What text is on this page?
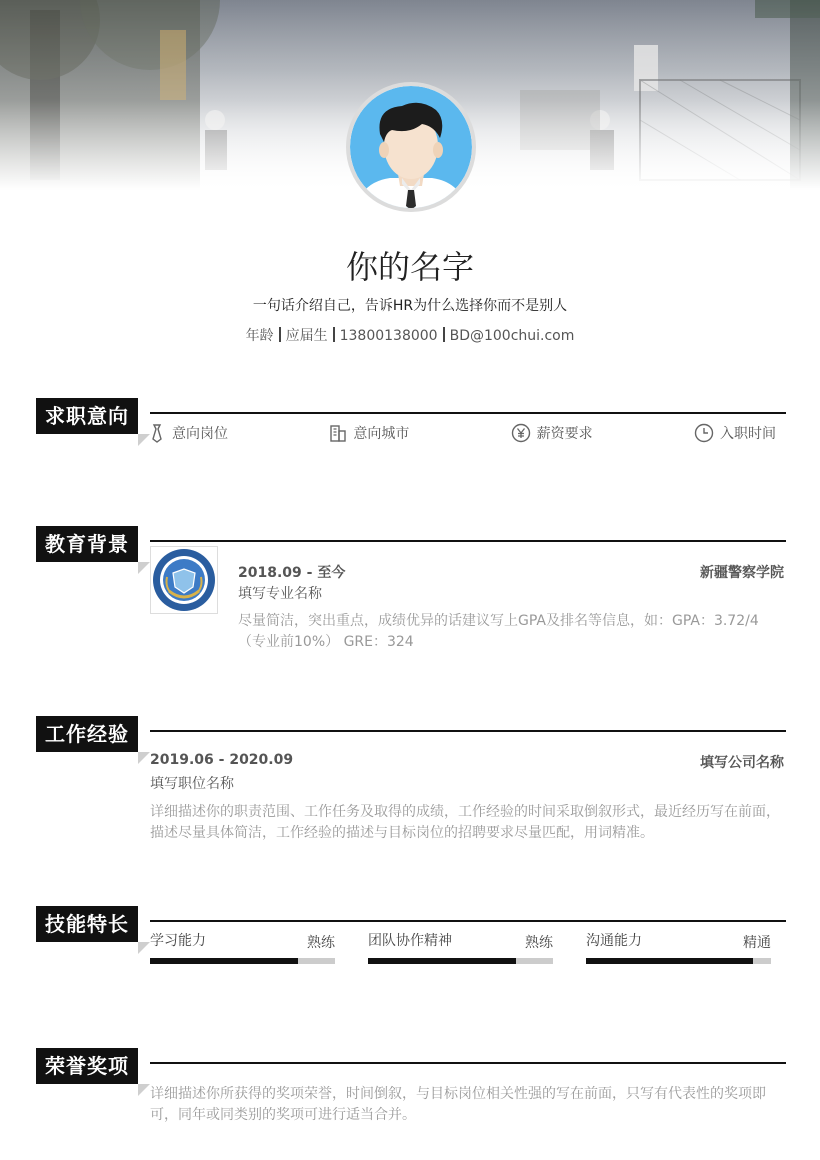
你的名字
一句话介绍自己，告诉HR为什么选择你而不是别人
年龄 应届生 13800138000 BD@100chui.com
求职意向
意向岗位	意向城市	薪资要求	入职时间
教育背景
2018.09 - 至今	新疆警察学院
填写专业名称
尽量简洁，突出重点，成绩优异的话建议写上GPA及排名等信息，如：GPA：3.72/4（专业前10%） GRE：324
工作经验
2019.06 - 2020.09	填写公司名称
填写职位名称
详细描述你的职责范围、工作任务及取得的成绩，工作经验的时间采取倒叙形式，最近经历写在前面，描述尽量具体简洁，工作经验的描述与目标岗位的招聘要求尽量匹配，用词精准。
技能特长
学习能力	熟练 团队协作精神	熟练 沟通能力	精通
荣誉奖项
详细描述你所获得的奖项荣誉，时间倒叙，与目标岗位相关性强的写在前面，只写有代表性的奖项即可，同年或同类别的奖项可进行适当合并。
